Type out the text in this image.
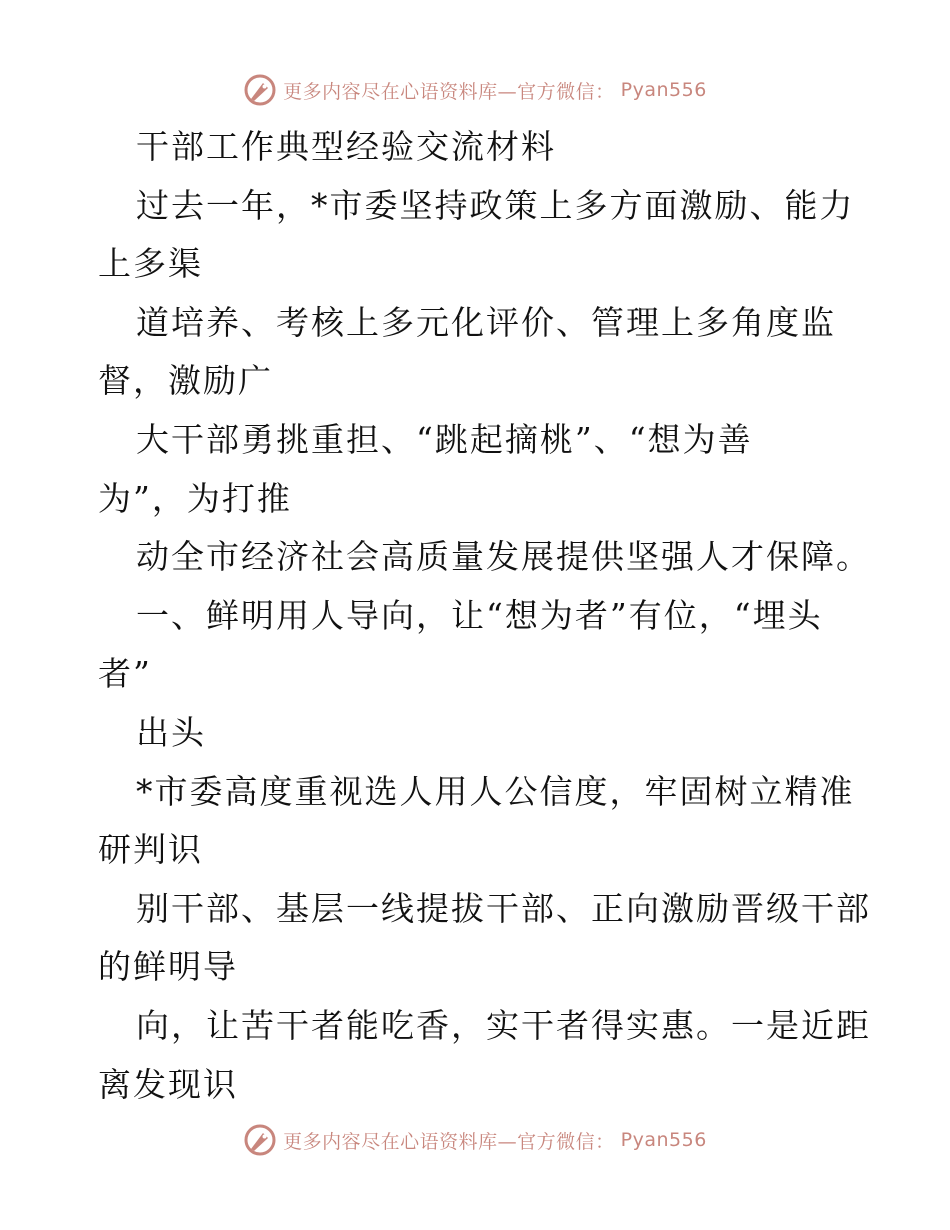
更多内容尽在心语资料库—官方微信： Pyan556
干部工作典型经验交流材料
过去一年，*市委坚持政策上多方面激励、能力
上多渠
道培养、考核上多元化评价、管理上多角度监
督，激励广
大干部勇挑重担、“跳起摘桃”、“想为善
为”，为打推
动全市经济社会高质量发展提供坚强人才保障。
一、鲜明用人导向，让“想为者”有位，“埋头
者”
出头
*市委高度重视选人用人公信度，牢固树立精准
研判识
别干部、基层一线提拔干部、正向激励晋级干部
的鲜明导
向，让苦干者能吃香，实干者得实惠。一是近距
离发现识
更多内容尽在心语资料库—官方微信： Pyan556
